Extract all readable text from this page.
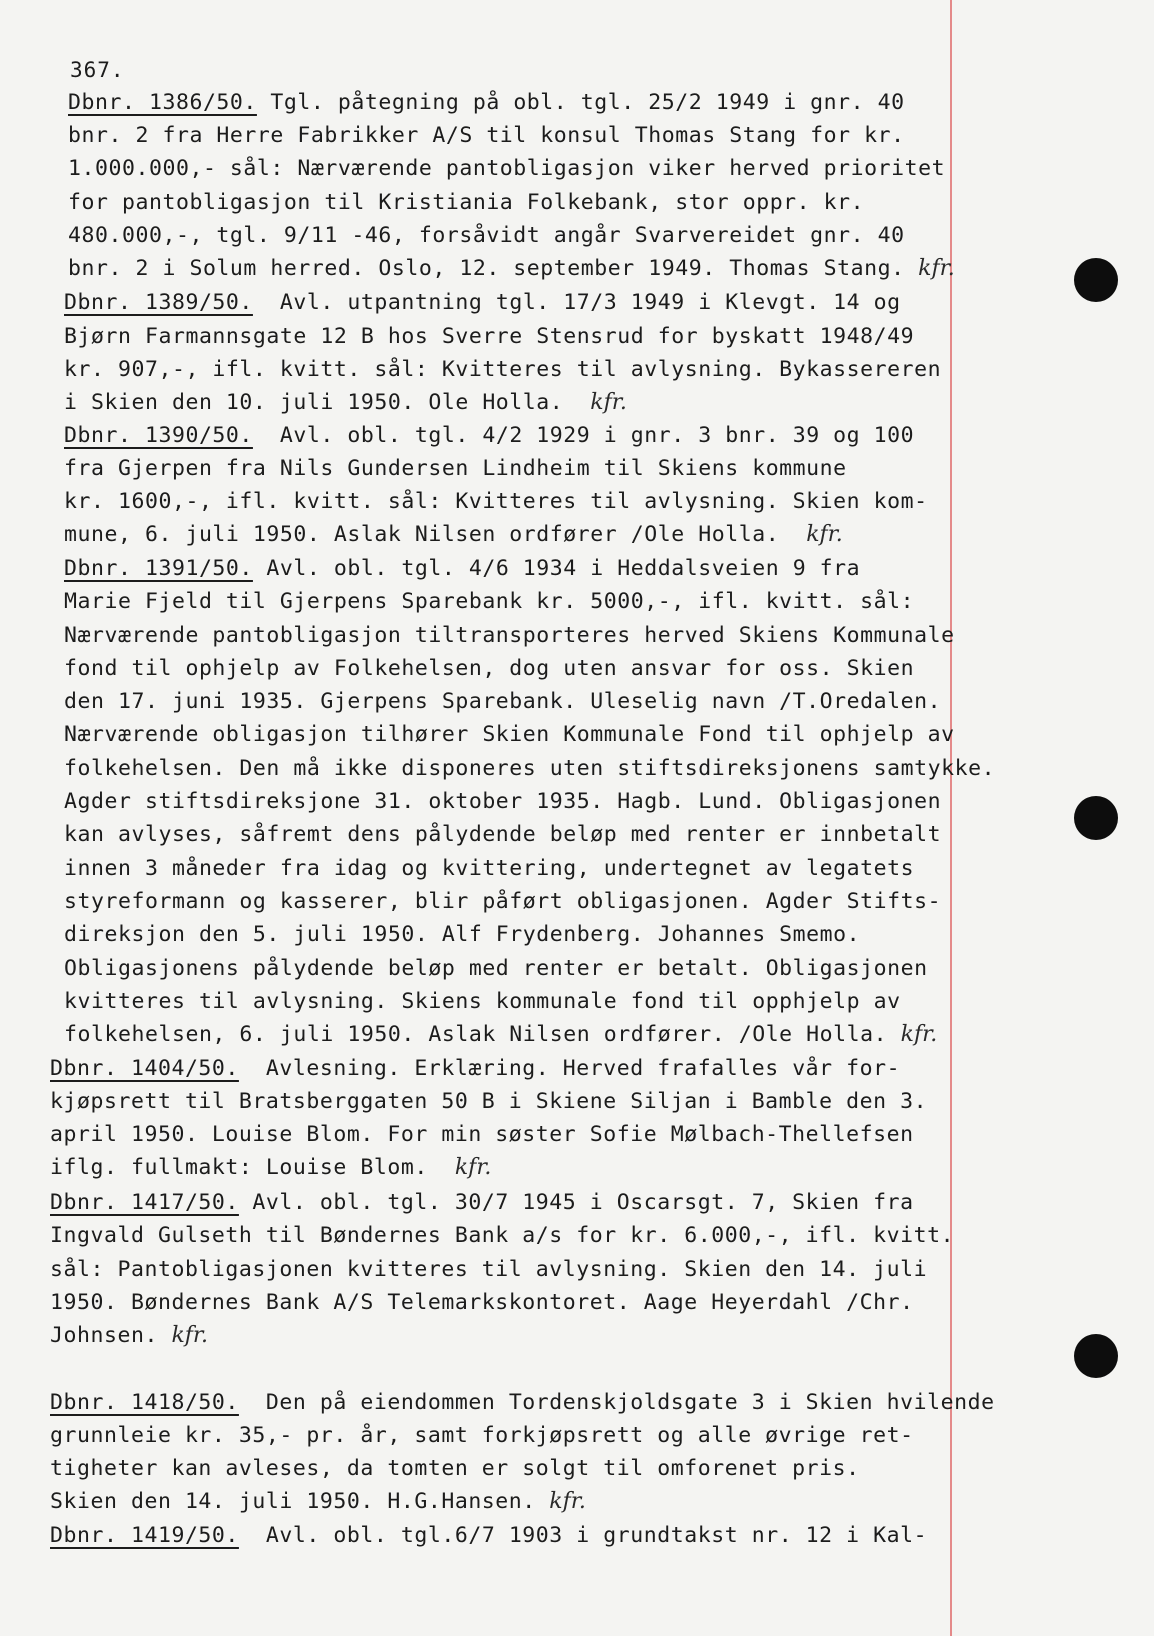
367.
Dbnr. 1386/50. Tgl. påtegning på obl. tgl. 25/2 1949 i gnr. 40
bnr. 2 fra Herre Fabrikker A/S til konsul Thomas Stang for kr.
1.000.000,- sål: Nærværende pantobligasjon viker herved prioritet
for pantobligasjon til Kristiania Folkebank, stor oppr. kr.
480.000,-, tgl. 9/11 -46, forsåvidt angår Svarvereidet gnr. 40
bnr. 2 i Solum herred. Oslo, 12. september 1949. Thomas Stang. kfr.
Dbnr. 1389/50. Avl. utpantning tgl. 17/3 1949 i Klevgt. 14 og
Bjørn Farmannsgate 12 B hos Sverre Stensrud for byskatt 1948/49
kr. 907,-, ifl. kvitt. sål: Kvitteres til avlysning. Bykassereren
i Skien den 10. juli 1950. Ole Holla. kfr.
Dbnr. 1390/50. Avl. obl. tgl. 4/2 1929 i gnr. 3 bnr. 39 og 100
fra Gjerpen fra Nils Gundersen Lindheim til Skiens kommune
kr. 1600,-, ifl. kvitt. sål: Kvitteres til avlysning. Skien kom-
mune, 6. juli 1950. Aslak Nilsen ordfører /Ole Holla. kfr.
Dbnr. 1391/50. Avl. obl. tgl. 4/6 1934 i Heddalsveien 9 fra
Marie Fjeld til Gjerpens Sparebank kr. 5000,-, ifl. kvitt. sål:
Nærværende pantobligasjon tiltransporteres herved Skiens Kommunale
fond til ophjelp av Folkehelsen, dog uten ansvar for oss. Skien
den 17. juni 1935. Gjerpens Sparebank. Uleselig navn /T.Oredalen.
Nærværende obligasjon tilhører Skien Kommunale Fond til ophjelp av
folkehelsen. Den må ikke disponeres uten stiftsdireksjonens samtykke.
Agder stiftsdireksjone 31. oktober 1935. Hagb. Lund. Obligasjonen
kan avlyses, såfremt dens pålydende beløp med renter er innbetalt
innen 3 måneder fra idag og kvittering, undertegnet av legatets
styreformann og kasserer, blir påført obligasjonen. Agder Stifts-
direksjon den 5. juli 1950. Alf Frydenberg. Johannes Smemo.
Obligasjonens pålydende beløp med renter er betalt. Obligasjonen
kvitteres til avlysning. Skiens kommunale fond til opphjelp av
folkehelsen, 6. juli 1950. Aslak Nilsen ordfører. /Ole Holla. kfr.
Dbnr. 1404/50. Avlesning. Erklæring. Herved frafalles vår for-
kjøpsrett til Bratsberggaten 50 B i Skiene Siljan i Bamble den 3.
april 1950. Louise Blom. For min søster Sofie Mølbach-Thellefsen
iflg. fullmakt: Louise Blom. kfr.
Dbnr. 1417/50. Avl. obl. tgl. 30/7 1945 i Oscarsgt. 7, Skien fra
Ingvald Gulseth til Bøndernes Bank a/s for kr. 6.000,-, ifl. kvitt.
sål: Pantobligasjonen kvitteres til avlysning. Skien den 14. juli
1950. Bøndernes Bank A/S Telemarkskontoret. Aage Heyerdahl /Chr.
Johnsen. kfr.
Dbnr. 1418/50. Den på eiendommen Tordenskjoldsgate 3 i Skien hvilende
grunnleie kr. 35,- pr. år, samt forkjøpsrett og alle øvrige ret-
tigheter kan avleses, da tomten er solgt til omforenet pris.
Skien den 14. juli 1950. H.G.Hansen. kfr.
Dbnr. 1419/50. Avl. obl. tgl.6/7 1903 i grundtakst nr. 12 i Kal-
